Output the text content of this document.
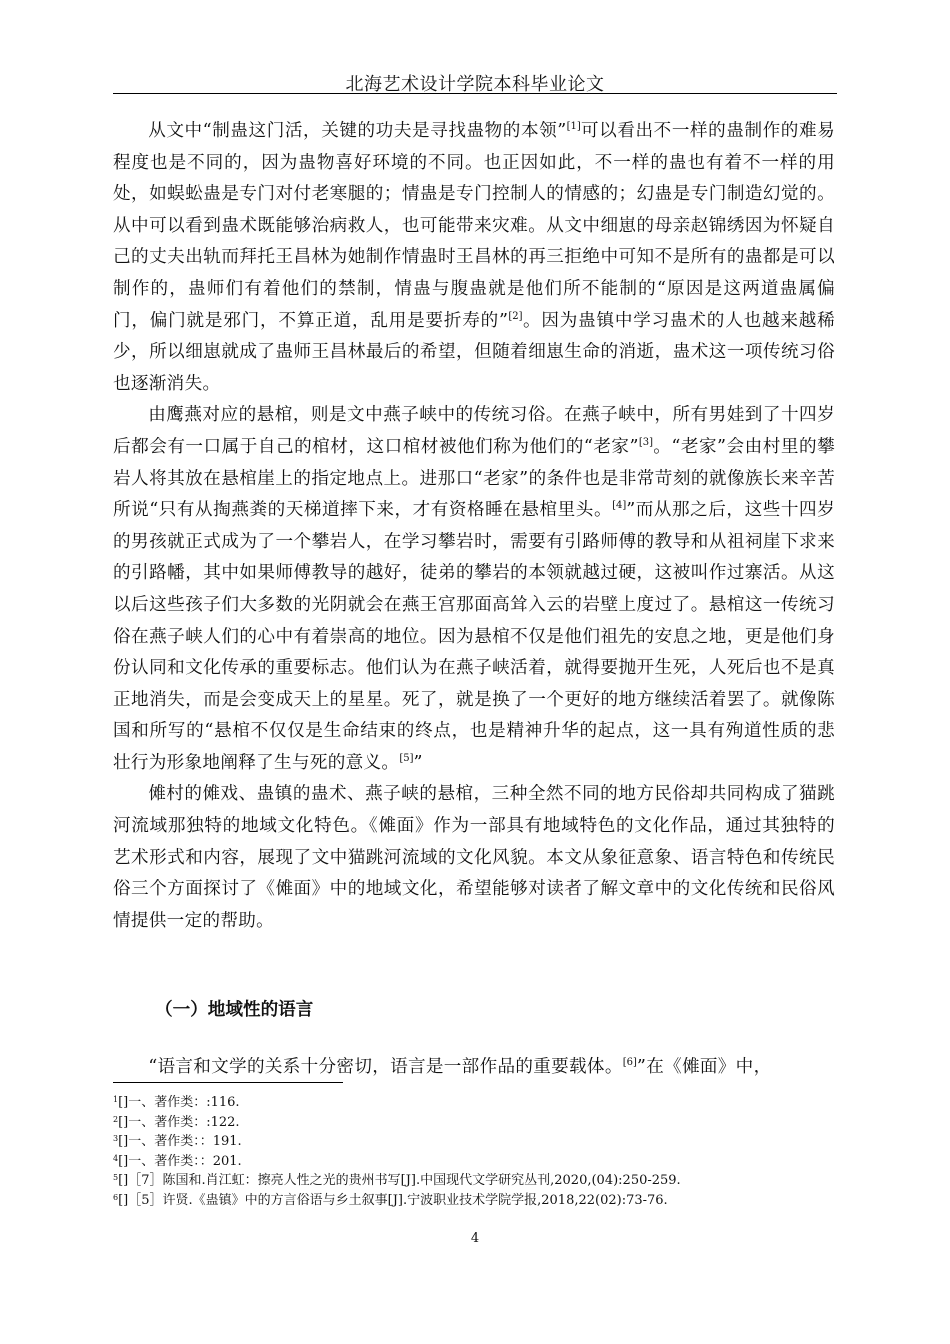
北海艺术设计学院本科毕业论文

从文中“制蛊这门活，关键的功夫是寻找蛊物的本领”[1]可以看出不一样的蛊制作的难易程度也是不同的，因为蛊物喜好环境的不同。也正因如此，不一样的蛊也有着不一样的用处，如蜈蚣蛊是专门对付老寒腿的；情蛊是专门控制人的情感的；幻蛊是专门制造幻觉的。从中可以看到蛊术既能够治病救人，也可能带来灾难。从文中细崽的母亲赵锦绣因为怀疑自己的丈夫出轨而拜托王昌林为她制作情蛊时王昌林的再三拒绝中可知不是所有的蛊都是可以制作的，蛊师们有着他们的禁制，情蛊与腹蛊就是他们所不能制的“原因是这两道蛊属偏门，偏门就是邪门，不算正道，乱用是要折寿的”[2]。因为蛊镇中学习蛊术的人也越来越稀少，所以细崽就成了蛊师王昌林最后的希望，但随着细崽生命的消逝，蛊术这一项传统习俗也逐渐消失。

由鹰燕对应的悬棺，则是文中燕子峡中的传统习俗。在燕子峡中，所有男娃到了十四岁后都会有一口属于自己的棺材，这口棺材被他们称为他们的“老家”[3]。“老家”会由村里的攀岩人将其放在悬棺崖上的指定地点上。进那口“老家”的条件也是非常苛刻的就像族长来辛苦所说“只有从掏燕粪的天梯道摔下来，才有资格睡在悬棺里头。[4]”而从那之后，这些十四岁的男孩就正式成为了一个攀岩人，在学习攀岩时，需要有引路师傅的教导和从祖祠崖下求来的引路幡，其中如果师傅教导的越好，徒弟的攀岩的本领就越过硬，这被叫作过寨活。从这以后这些孩子们大多数的光阴就会在燕王宫那面高耸入云的岩壁上度过了。悬棺这一传统习俗在燕子峡人们的心中有着崇高的地位。因为悬棺不仅是他们祖先的安息之地，更是他们身份认同和文化传承的重要标志。他们认为在燕子峡活着，就得要抛开生死，人死后也不是真正地消失，而是会变成天上的星星。死了，就是换了一个更好的地方继续活着罢了。就像陈国和所写的“悬棺不仅仅是生命结束的终点，也是精神升华的起点，这一具有殉道性质的悲壮行为形象地阐释了生与死的意义。[5]”

傩村的傩戏、蛊镇的蛊术、燕子峡的悬棺，三种全然不同的地方民俗却共同构成了猫跳河流域那独特的地域文化特色。《傩面》作为一部具有地域特色的文化作品，通过其独特的艺术形式和内容，展现了文中猫跳河流域的文化风貌。本文从象征意象、语言特色和传统民俗三个方面探讨了《傩面》中的地域文化，希望能够对读者了解文章中的文化传统和民俗风情提供一定的帮助。

（一）地域性的语言

“语言和文学的关系十分密切，语言是一部作品的重要载体。[6]”在《傩面》中，

$^1$[]一、著作类：:116.
$^2$[]一、著作类：:122.
$^3$[]一、著作类：：191.
$^4$[]一、著作类：：201.
$^5$[]［7］陈国和.肖江虹：擦亮人性之光的贵州书写[J].中国现代文学研究丛刊,2020,(04):250-259.
$^6$[]［5］许贤.《蛊镇》中的方言俗语与乡土叙事[J].宁波职业技术学院学报,2018,22(02):73-76.
4
